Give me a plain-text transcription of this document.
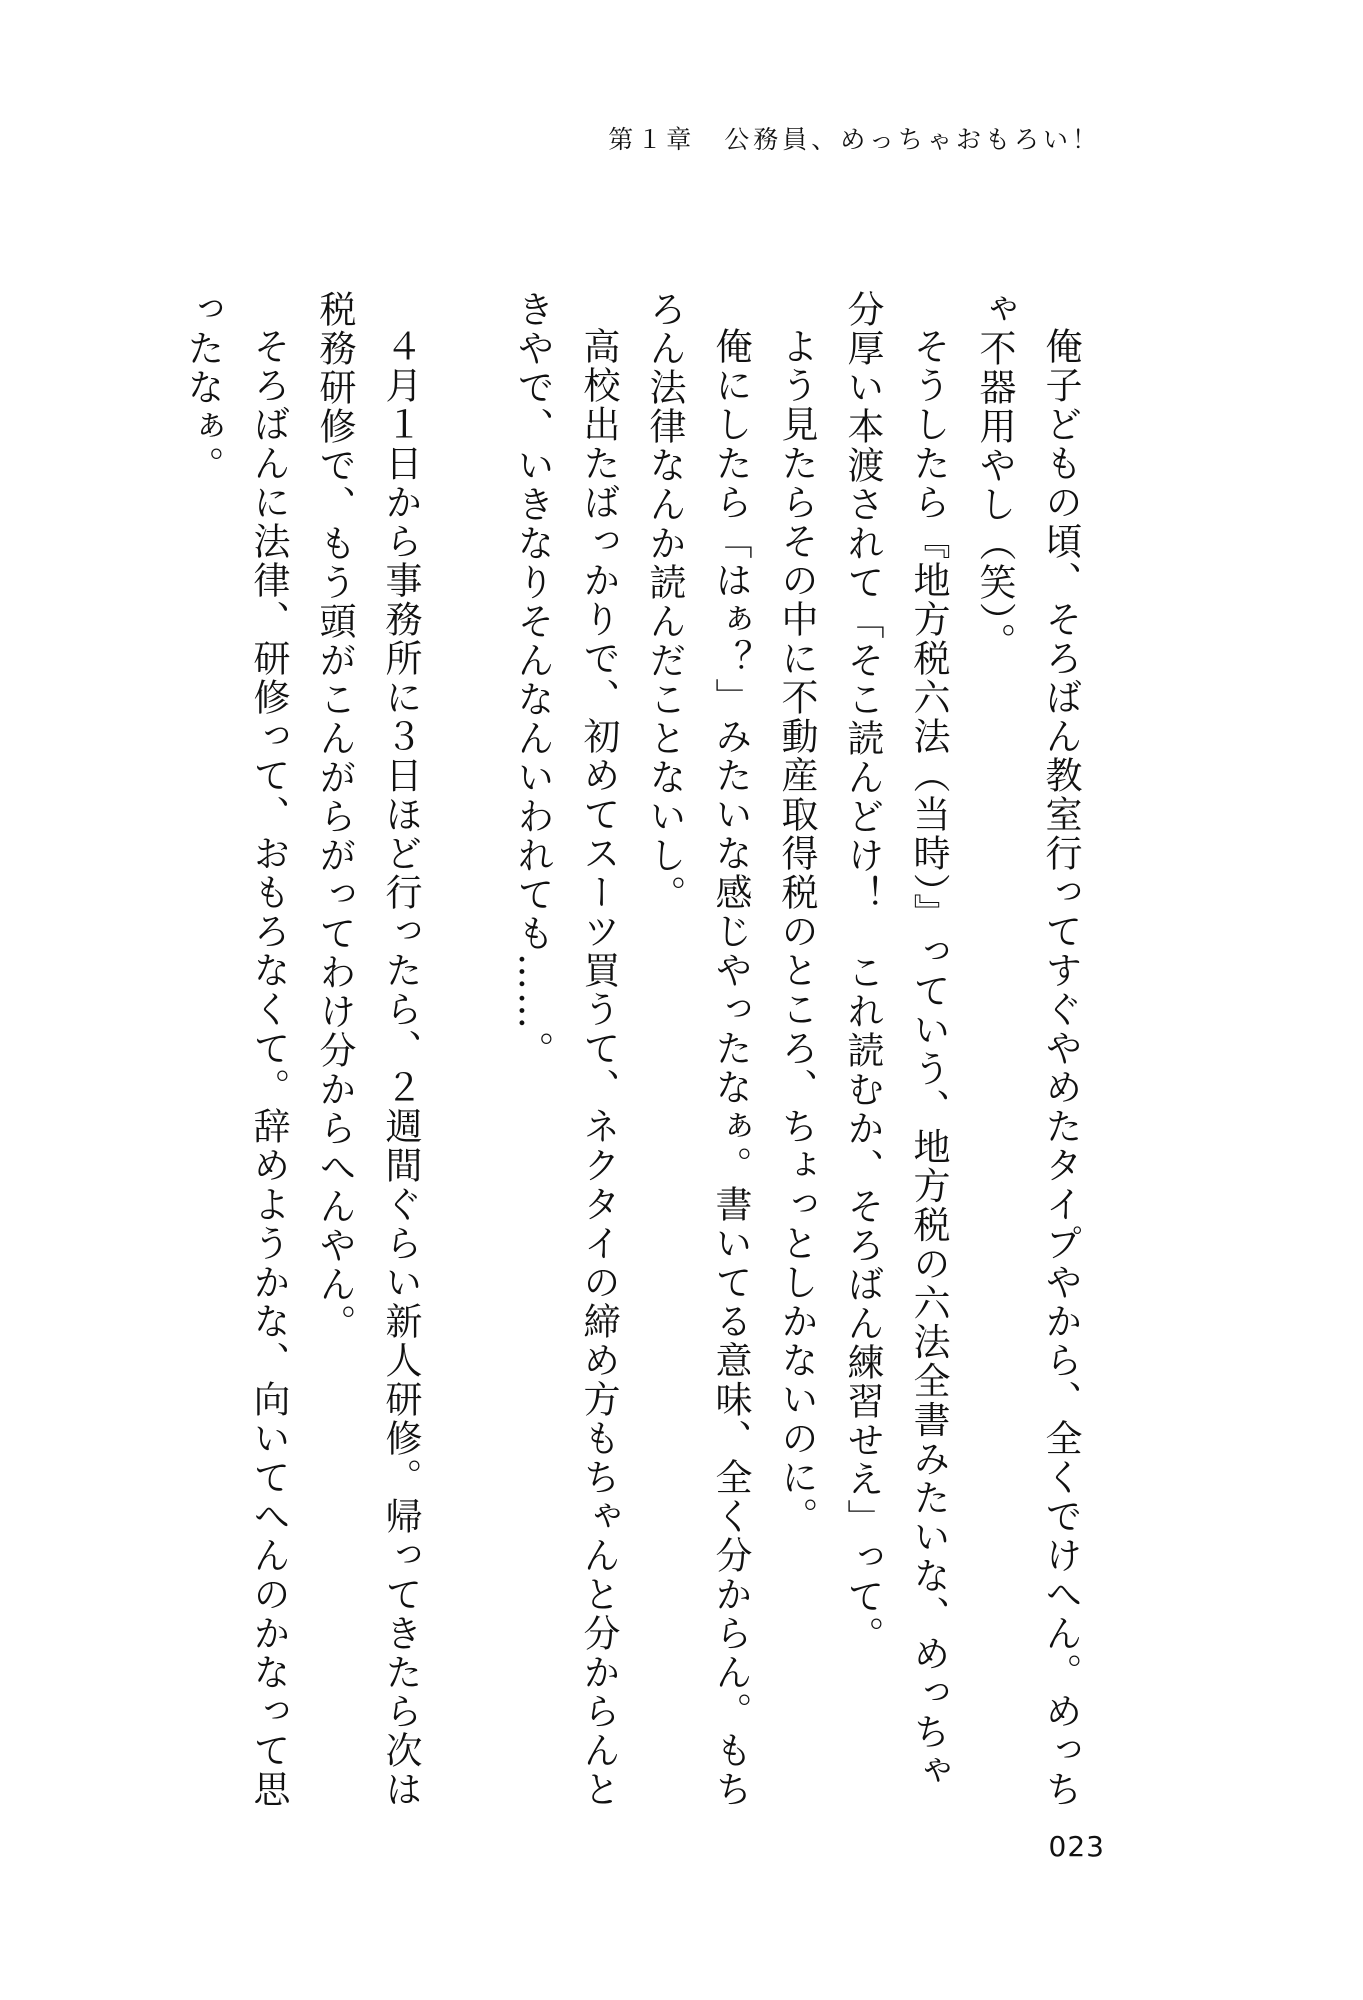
第１章　公務員、めっちゃおもろい！

俺子どもの頃、そろばん教室行ってすぐやめたタイプやから、全くでけへん。めっちゃ不器用やし（笑）。

そうしたら『地方税六法（当時）』っていう、地方税の六法全書みたいな、めっちゃ分厚い本渡されて「そこ読んどけ！　これ読むか、そろばん練習せえ」って。

よう見たらその中に不動産取得税のところ、ちょっとしかないのに。

俺にしたら「はぁ？」みたいな感じやったなぁ。書いてる意味、全く分からん。もちろん法律なんか読んだことないし。

高校出たばっかりで、初めてスーツ買うて、ネクタイの締め方もちゃんと分からんときやで、いきなりそんなんいわれても……。

４月１日から事務所に３日ほど行ったら、２週間ぐらい新人研修。帰ってきたら次は税務研修で、もう頭がこんがらがってわけ分からへんやん。

そろばんに法律、研修って、おもろなくて。辞めようかな、向いてへんのかなって思ったなぁ。

023
